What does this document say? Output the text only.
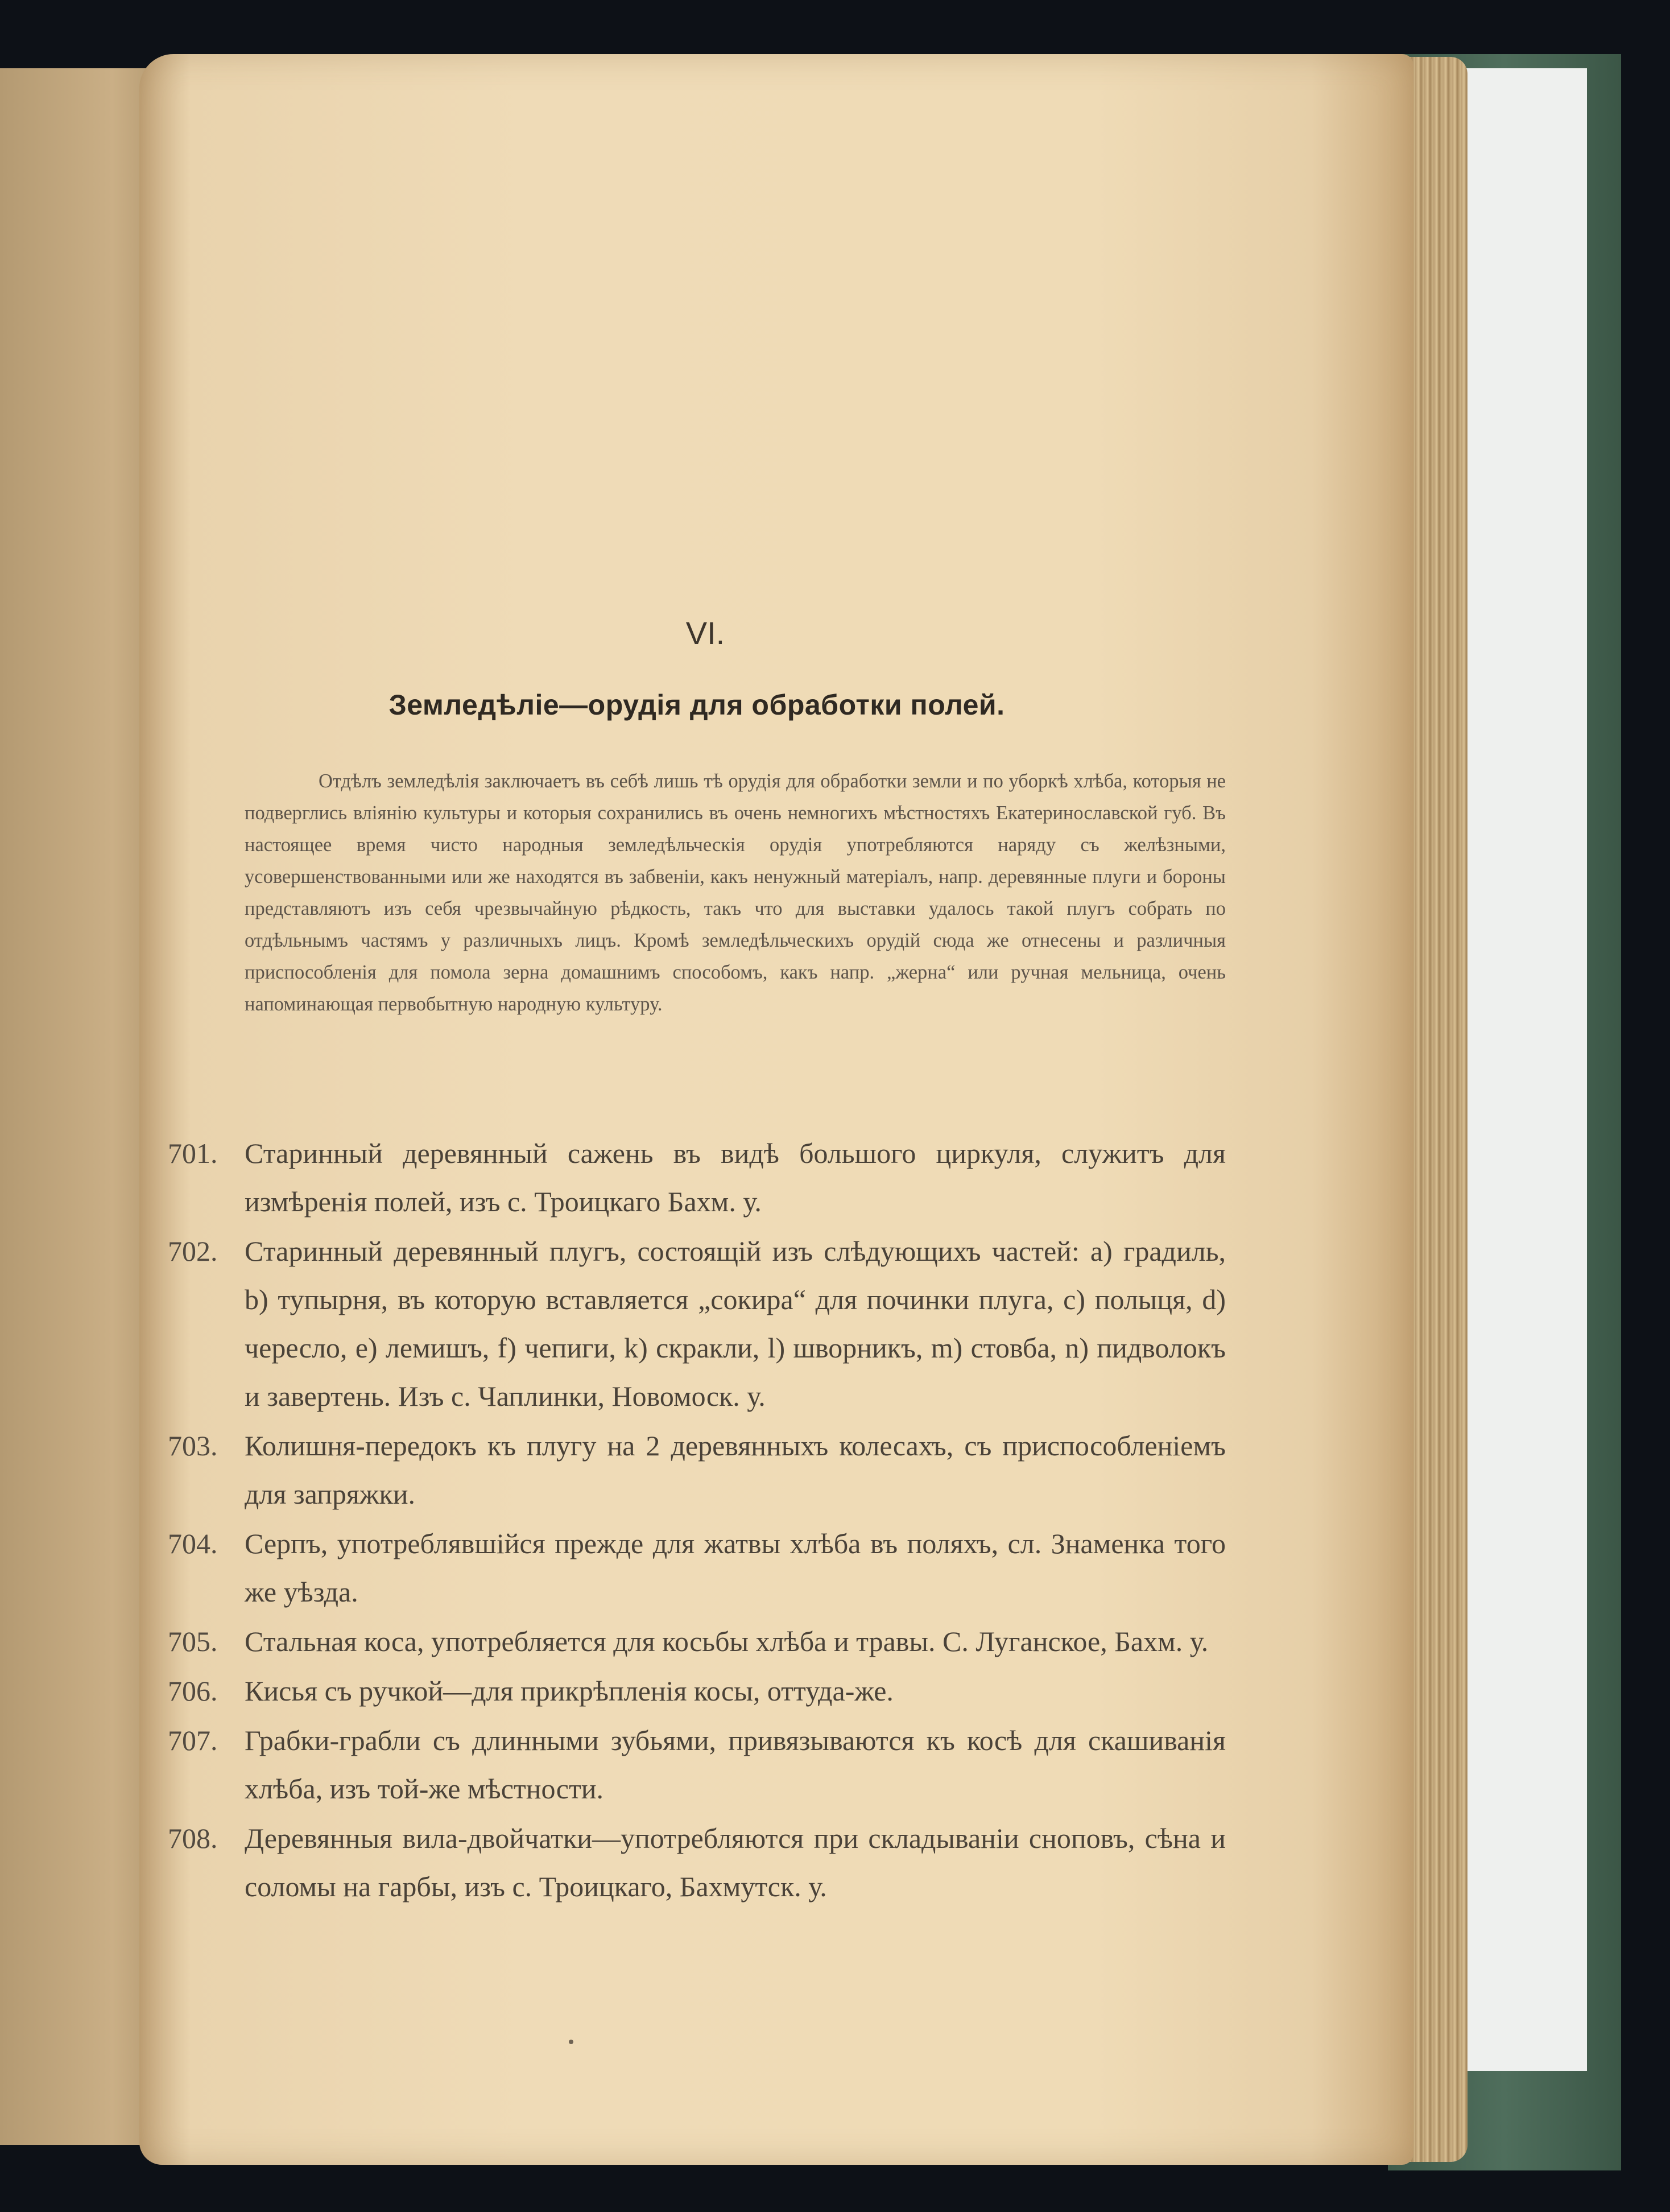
VI.
Земледѣліе—орудія для обработки полей.
Отдѣлъ земледѣлія заключаетъ въ себѣ лишь тѣ орудія для обработки земли и по уборкѣ хлѣба, которыя не подверглись вліянію культуры и которыя сохранились въ очень немногихъ мѣстностяхъ Екатеринославской губ. Въ настоящее время чисто народныя земледѣльческія орудія употребляются наряду съ желѣзными, усовершенствованными или же находятся въ забвеніи, какъ ненужный матеріалъ, напр. деревянные плуги и бороны представляютъ изъ себя чрезвычайную рѣдкость, такъ что для выставки удалось такой плугъ собрать по отдѣльнымъ частямъ у различныхъ лицъ. Кромѣ земледѣльческихъ орудій сюда же отнесены и различныя приспособленія для помола зерна домашнимъ способомъ, какъ напр. „жерна“ или ручная мельница, очень напоминающая первобытную народную культуру.
701. Старинный деревянный сажень въ видѣ большого циркуля, служитъ для измѣренія полей, изъ с. Троицкаго Бахм. у.
702. Старинный деревянный плугъ, состоящій изъ слѣдующихъ частей: a) градиль, b) тупырня, въ которую вставляется „сокира“ для починки плуга, c) полыця, d) чересло, e) лемишъ, f) чепиги, k) скракли, l) шворникъ, m) стовба, n) пидволокъ и завертень. Изъ с. Чаплинки, Новомоск. у.
703. Колишня-передокъ къ плугу на 2 деревянныхъ колесахъ, съ приспособленіемъ для запряжки.
704. Серпъ, употреблявшійся прежде для жатвы хлѣба въ поляхъ, сл. Знаменка того же уѣзда.
705. Стальная коса, употребляется для косьбы хлѣба и травы. С. Луганское, Бахм. у.
706. Кисья съ ручкой—для прикрѣпленія косы, оттуда-же.
707. Грабки-грабли съ длинными зубьями, привязываются къ косѣ для скашиванія хлѣба, изъ той-же мѣстности.
708. Деревянныя вила-двойчатки—употребляются при складываніи сноповъ, сѣна и соломы на гарбы, изъ с. Троицкаго, Бахмутск. у.
